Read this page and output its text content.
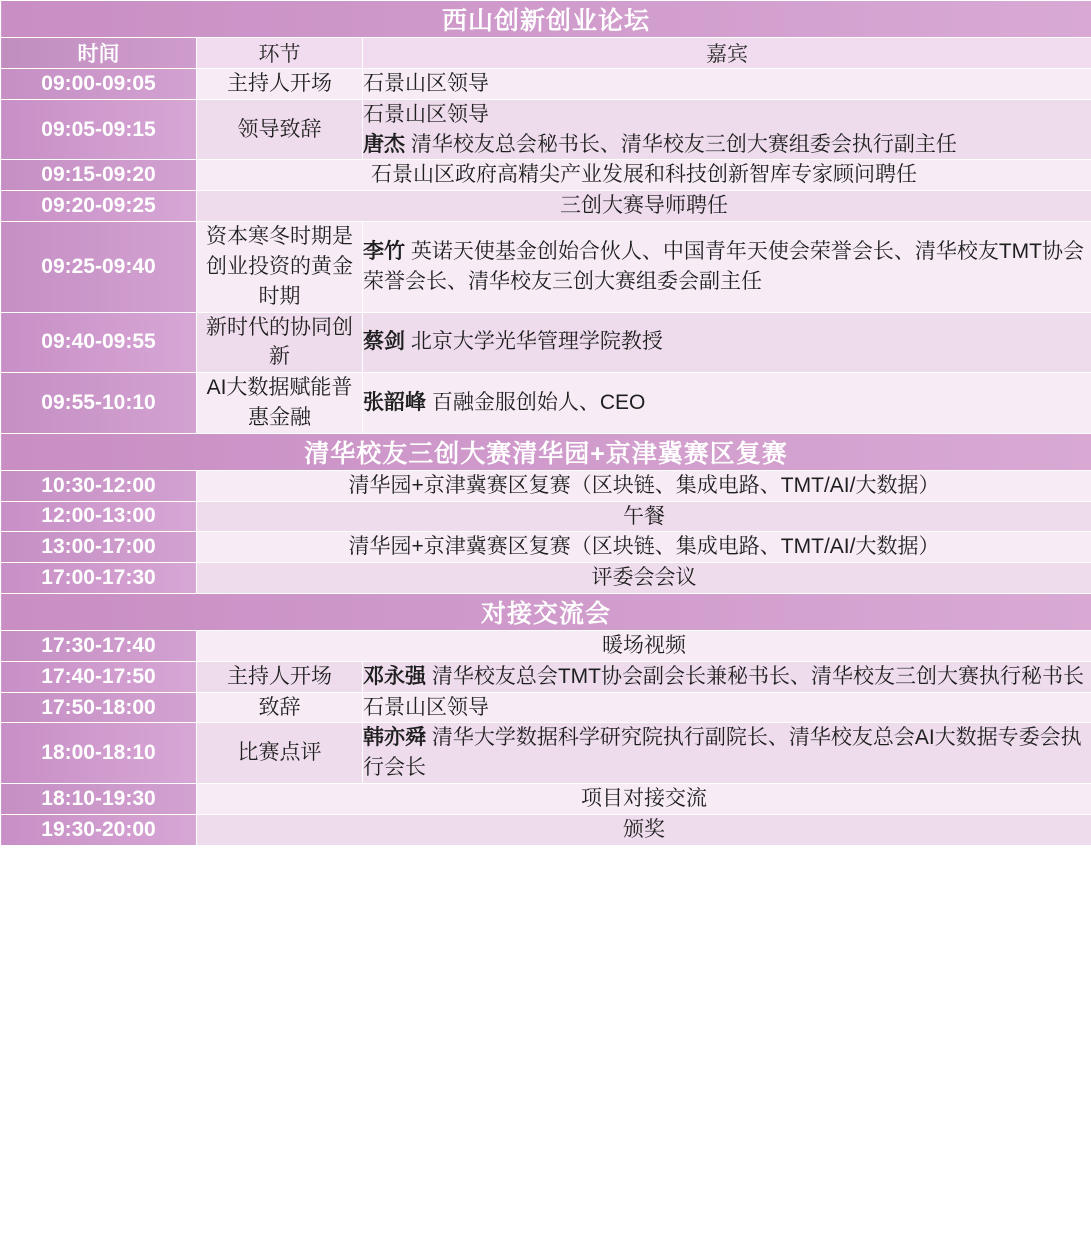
西山创新创业论坛		
时间	环节	嘉宾
09:00-09:05	主持人开场	石景山区领导
09:05-09:15	领导致辞	石景山区领导
唐杰 清华校友总会秘书长、清华校友三创大赛组委会执行副主任

09:15-09:20	石景山区政府高精尖产业发展和科技创新智库专家顾问聘任	
09:20-09:25	三创大赛导师聘任	
09:25-09:40	资本寒冬时期是创业投资的黄金时期	李竹 英诺天使基金创始合伙人、中国青年天使会荣誉会长、清华校友TMT协会荣誉会长、清华校友三创大赛组委会副主任
09:40-09:55	新时代的协同创新	蔡剑 北京大学光华管理学院教授
09:55-10:10	AI大数据赋能普惠金融	张韶峰 百融金服创始人、CEO
清华校友三创大赛清华园+京津冀赛区复赛		
10:30-12:00	清华园+京津冀赛区复赛（区块链、集成电路、TMT/AI/大数据）	
12:00-13:00	午餐	
13:00-17:00	清华园+京津冀赛区复赛（区块链、集成电路、TMT/AI/大数据）	
17:00-17:30	评委会会议	
对接交流会		
17:30-17:40	暖场视频	
17:40-17:50	主持人开场	邓永强 清华校友总会TMT协会副会长兼秘书长、清华校友三创大赛执行秘书长
17:50-18:00	致辞	石景山区领导
18:00-18:10	比赛点评	韩亦舜 清华大学数据科学研究院执行副院长、清华校友总会AI大数据专委会执行会长
18:10-19:30	项目对接交流	
19:30-20:00	颁奖	
